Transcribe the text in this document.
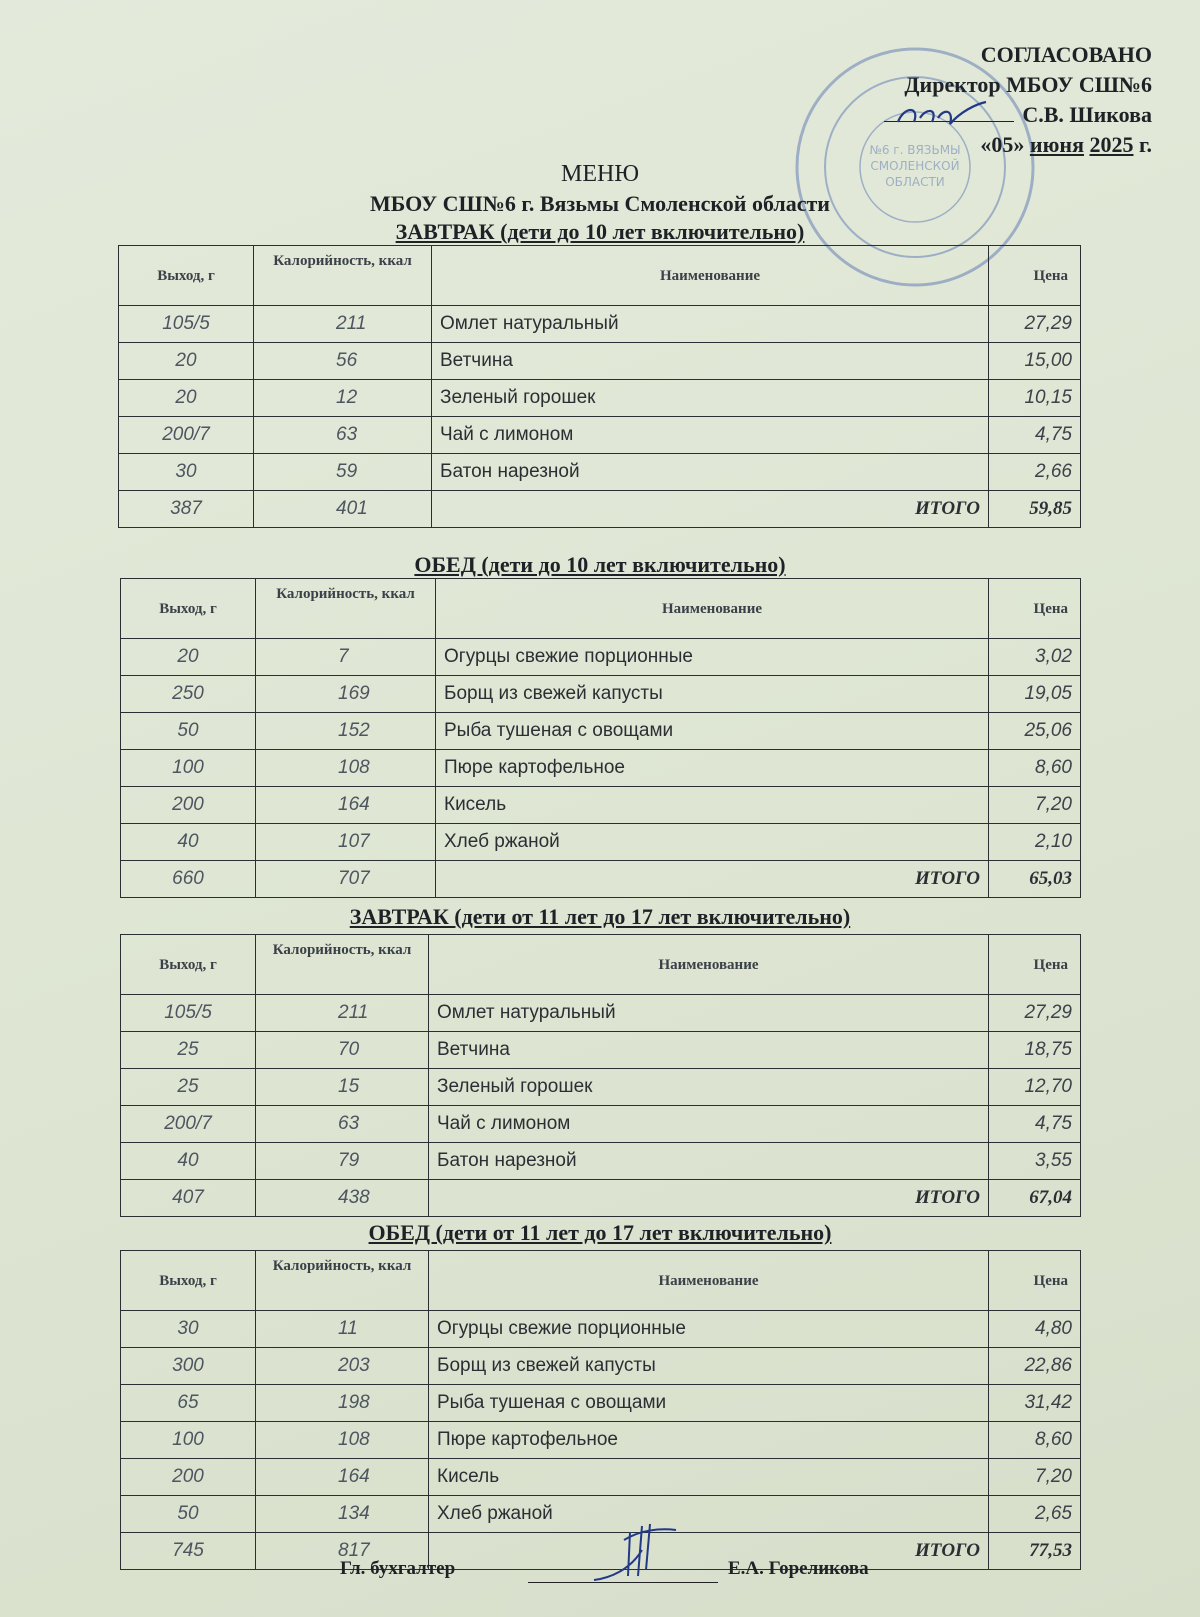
№6 г. ВЯЗЬМЫ
СМОЛЕНСКОЙ
ОБЛАСТИ
СОГЛАСОВАНО
Директор МБОУ СШ№6
С.В. Шикова
«05» июня 2025 г.
МЕНЮ
МБОУ СШ№6 г. Вязьмы Смоленской области
ЗАВТРАК (дети до 10 лет включительно)
Выход, г	Калорийность, ккал	Наименование	Цена
105/5	211	Омлет натуральный	27,29
20	56	Ветчина	15,00
20	12	Зеленый горошек	10,15
200/7	63	Чай с лимоном	4,75
30	59	Батон нарезной	2,66
387	401	ИТОГО	59,85
ОБЕД (дети до 10 лет включительно)
Выход, г	Калорийность, ккал	Наименование	Цена
20	7	Огурцы свежие порционные	3,02
250	169	Борщ из свежей капусты	19,05
50	152	Рыба тушеная с овощами	25,06
100	108	Пюре картофельное	8,60
200	164	Кисель	7,20
40	107	Хлеб ржаной	2,10
660	707	ИТОГО	65,03
ЗАВТРАК (дети от 11 лет до 17 лет включительно)
Выход, г	Калорийность, ккал	Наименование	Цена
105/5	211	Омлет натуральный	27,29
25	70	Ветчина	18,75
25	15	Зеленый горошек	12,70
200/7	63	Чай с лимоном	4,75
40	79	Батон нарезной	3,55
407	438	ИТОГО	67,04
ОБЕД (дети от 11 лет до 17 лет включительно)
Выход, г	Калорийность, ккал	Наименование	Цена
30	11	Огурцы свежие порционные	4,80
300	203	Борщ из свежей капусты	22,86
65	198	Рыба тушеная с овощами	31,42
100	108	Пюре картофельное	8,60
200	164	Кисель	7,20
50	134	Хлеб ржаной	2,65
745	817	ИТОГО	77,53
Гл. бухгалтер	Е.А. Гореликова
